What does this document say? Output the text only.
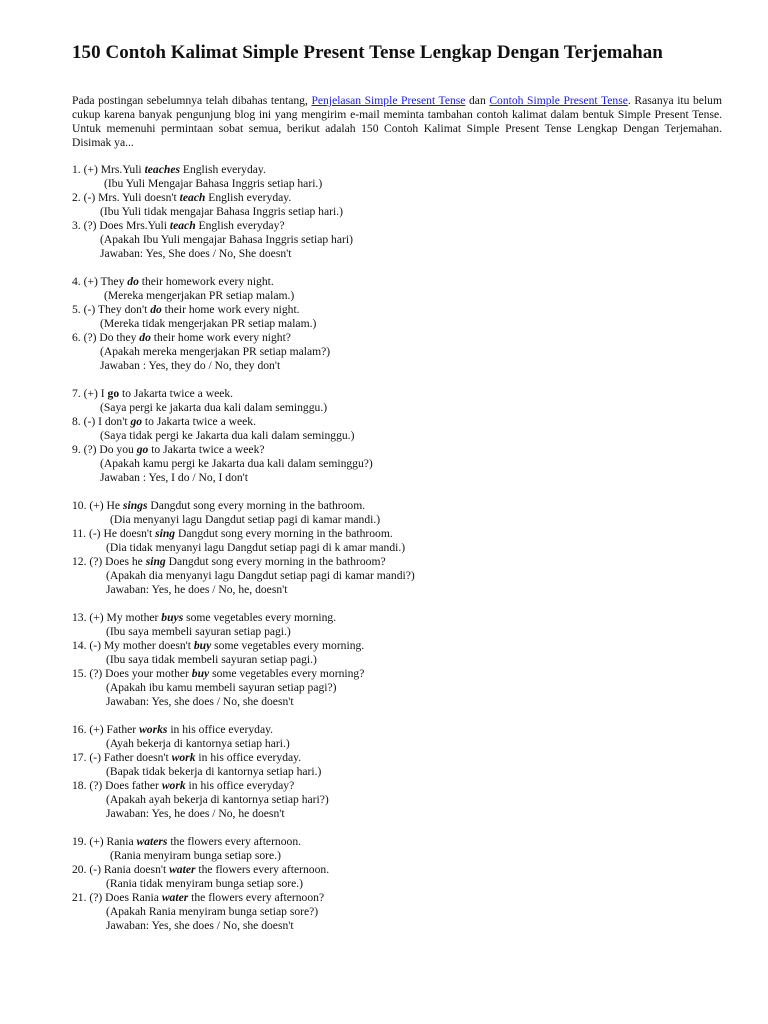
150 Contoh Kalimat Simple Present Tense Lengkap Dengan Terjemahan

Pada postingan sebelumnya telah dibahas tentang, Penjelasan Simple Present Tense dan Contoh Simple Present Tense. Rasanya itu belum cukup karena banyak pengunjung blog ini yang mengirim e-mail meminta tambahan contoh kalimat dalam bentuk Simple Present Tense. Untuk memenuhi permintaan sobat semua, berikut adalah 150 Contoh Kalimat Simple Present Tense Lengkap Dengan Terjemahan. Disimak ya...

1. (+) Mrs.Yuli teaches English everyday.
(Ibu Yuli Mengajar Bahasa Inggris setiap hari.)
2. (-) Mrs. Yuli doesn't teach English everyday.
(Ibu Yuli tidak mengajar Bahasa Inggris setiap hari.)
3. (?) Does Mrs.Yuli teach English everyday?
(Apakah Ibu Yuli mengajar Bahasa Inggris setiap hari)
Jawaban: Yes, She does / No, She doesn't
4. (+) They do their homework every night.
(Mereka mengerjakan PR setiap malam.)
5. (-) They don't do their home work every night.
(Mereka tidak mengerjakan PR setiap malam.)
6. (?) Do they do their home work every night?
(Apakah mereka mengerjakan PR setiap malam?)
Jawaban : Yes, they do / No, they don't
7. (+) I go to Jakarta twice a week.
(Saya pergi ke jakarta dua kali dalam seminggu.)
8. (-) I don't go to Jakarta twice a week.
(Saya tidak pergi ke Jakarta dua kali dalam seminggu.)
9. (?) Do you go to Jakarta twice a week?
(Apakah kamu pergi ke Jakarta dua kali dalam seminggu?)
Jawaban : Yes, I do / No, I don't
10. (+) He sings Dangdut song every morning in the bathroom.
(Dia menyanyi lagu Dangdut setiap pagi di kamar mandi.)
11. (-) He doesn't sing Dangdut song every morning in the bathroom.
(Dia tidak menyanyi lagu Dangdut setiap pagi di k amar mandi.)
12. (?) Does he sing Dangdut song every morning in the bathroom?
(Apakah dia menyanyi lagu Dangdut setiap pagi di kamar mandi?)
Jawaban: Yes, he does / No, he, doesn't
13. (+) My mother buys some vegetables every morning.
(Ibu saya membeli sayuran setiap pagi.)
14. (-) My mother doesn't buy some vegetables every morning.
(Ibu saya tidak membeli sayuran setiap pagi.)
15. (?) Does your mother buy some vegetables every morning?
(Apakah ibu kamu membeli sayuran setiap pagi?)
Jawaban: Yes, she does / No, she doesn't
16. (+) Father works in his office everyday.
(Ayah bekerja di kantornya setiap hari.)
17. (-) Father doesn't work in his office everyday.
(Bapak tidak bekerja di kantornya setiap hari.)
18. (?) Does father work in his office everyday?
(Apakah ayah bekerja di kantornya setiap hari?)
Jawaban: Yes, he does / No, he doesn't
19. (+) Rania waters the flowers every afternoon.
(Rania menyiram bunga setiap sore.)
20. (-) Rania doesn't water the flowers every afternoon.
(Rania tidak menyiram bunga setiap sore.)
21. (?) Does Rania water the flowers every afternoon?
(Apakah Rania menyiram bunga setiap sore?)
Jawaban: Yes, she does / No, she doesn't
